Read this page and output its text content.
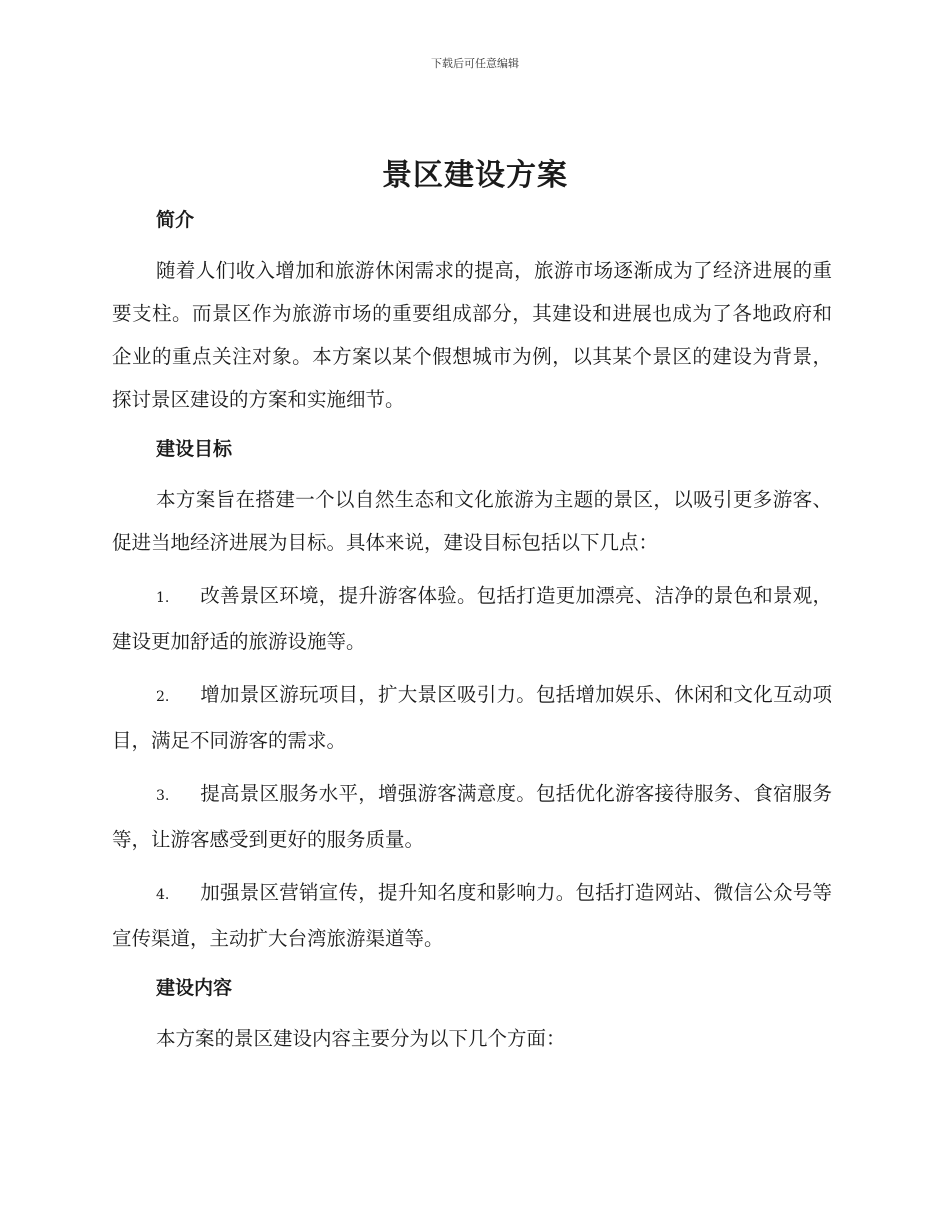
下载后可任意编辑
景区建设方案

简介

随着人们收入增加和旅游休闲需求的提高，旅游市场逐渐成为了经济进展的重要支柱。而景区作为旅游市场的重要组成部分，其建设和进展也成为了各地政府和企业的重点关注对象。本方案以某个假想城市为例，以其某个景区的建设为背景，探讨景区建设的方案和实施细节。

建设目标

本方案旨在搭建一个以自然生态和文化旅游为主题的景区，以吸引更多游客、促进当地经济进展为目标。具体来说，建设目标包括以下几点：

1. 改善景区环境，提升游客体验。包括打造更加漂亮、洁净的景色和景观，建设更加舒适的旅游设施等。

2. 增加景区游玩项目，扩大景区吸引力。包括增加娱乐、休闲和文化互动项目，满足不同游客的需求。

3. 提高景区服务水平，增强游客满意度。包括优化游客接待服务、食宿服务等，让游客感受到更好的服务质量。

4. 加强景区营销宣传，提升知名度和影响力。包括打造网站、微信公众号等宣传渠道，主动扩大台湾旅游渠道等。

建设内容

本方案的景区建设内容主要分为以下几个方面：
